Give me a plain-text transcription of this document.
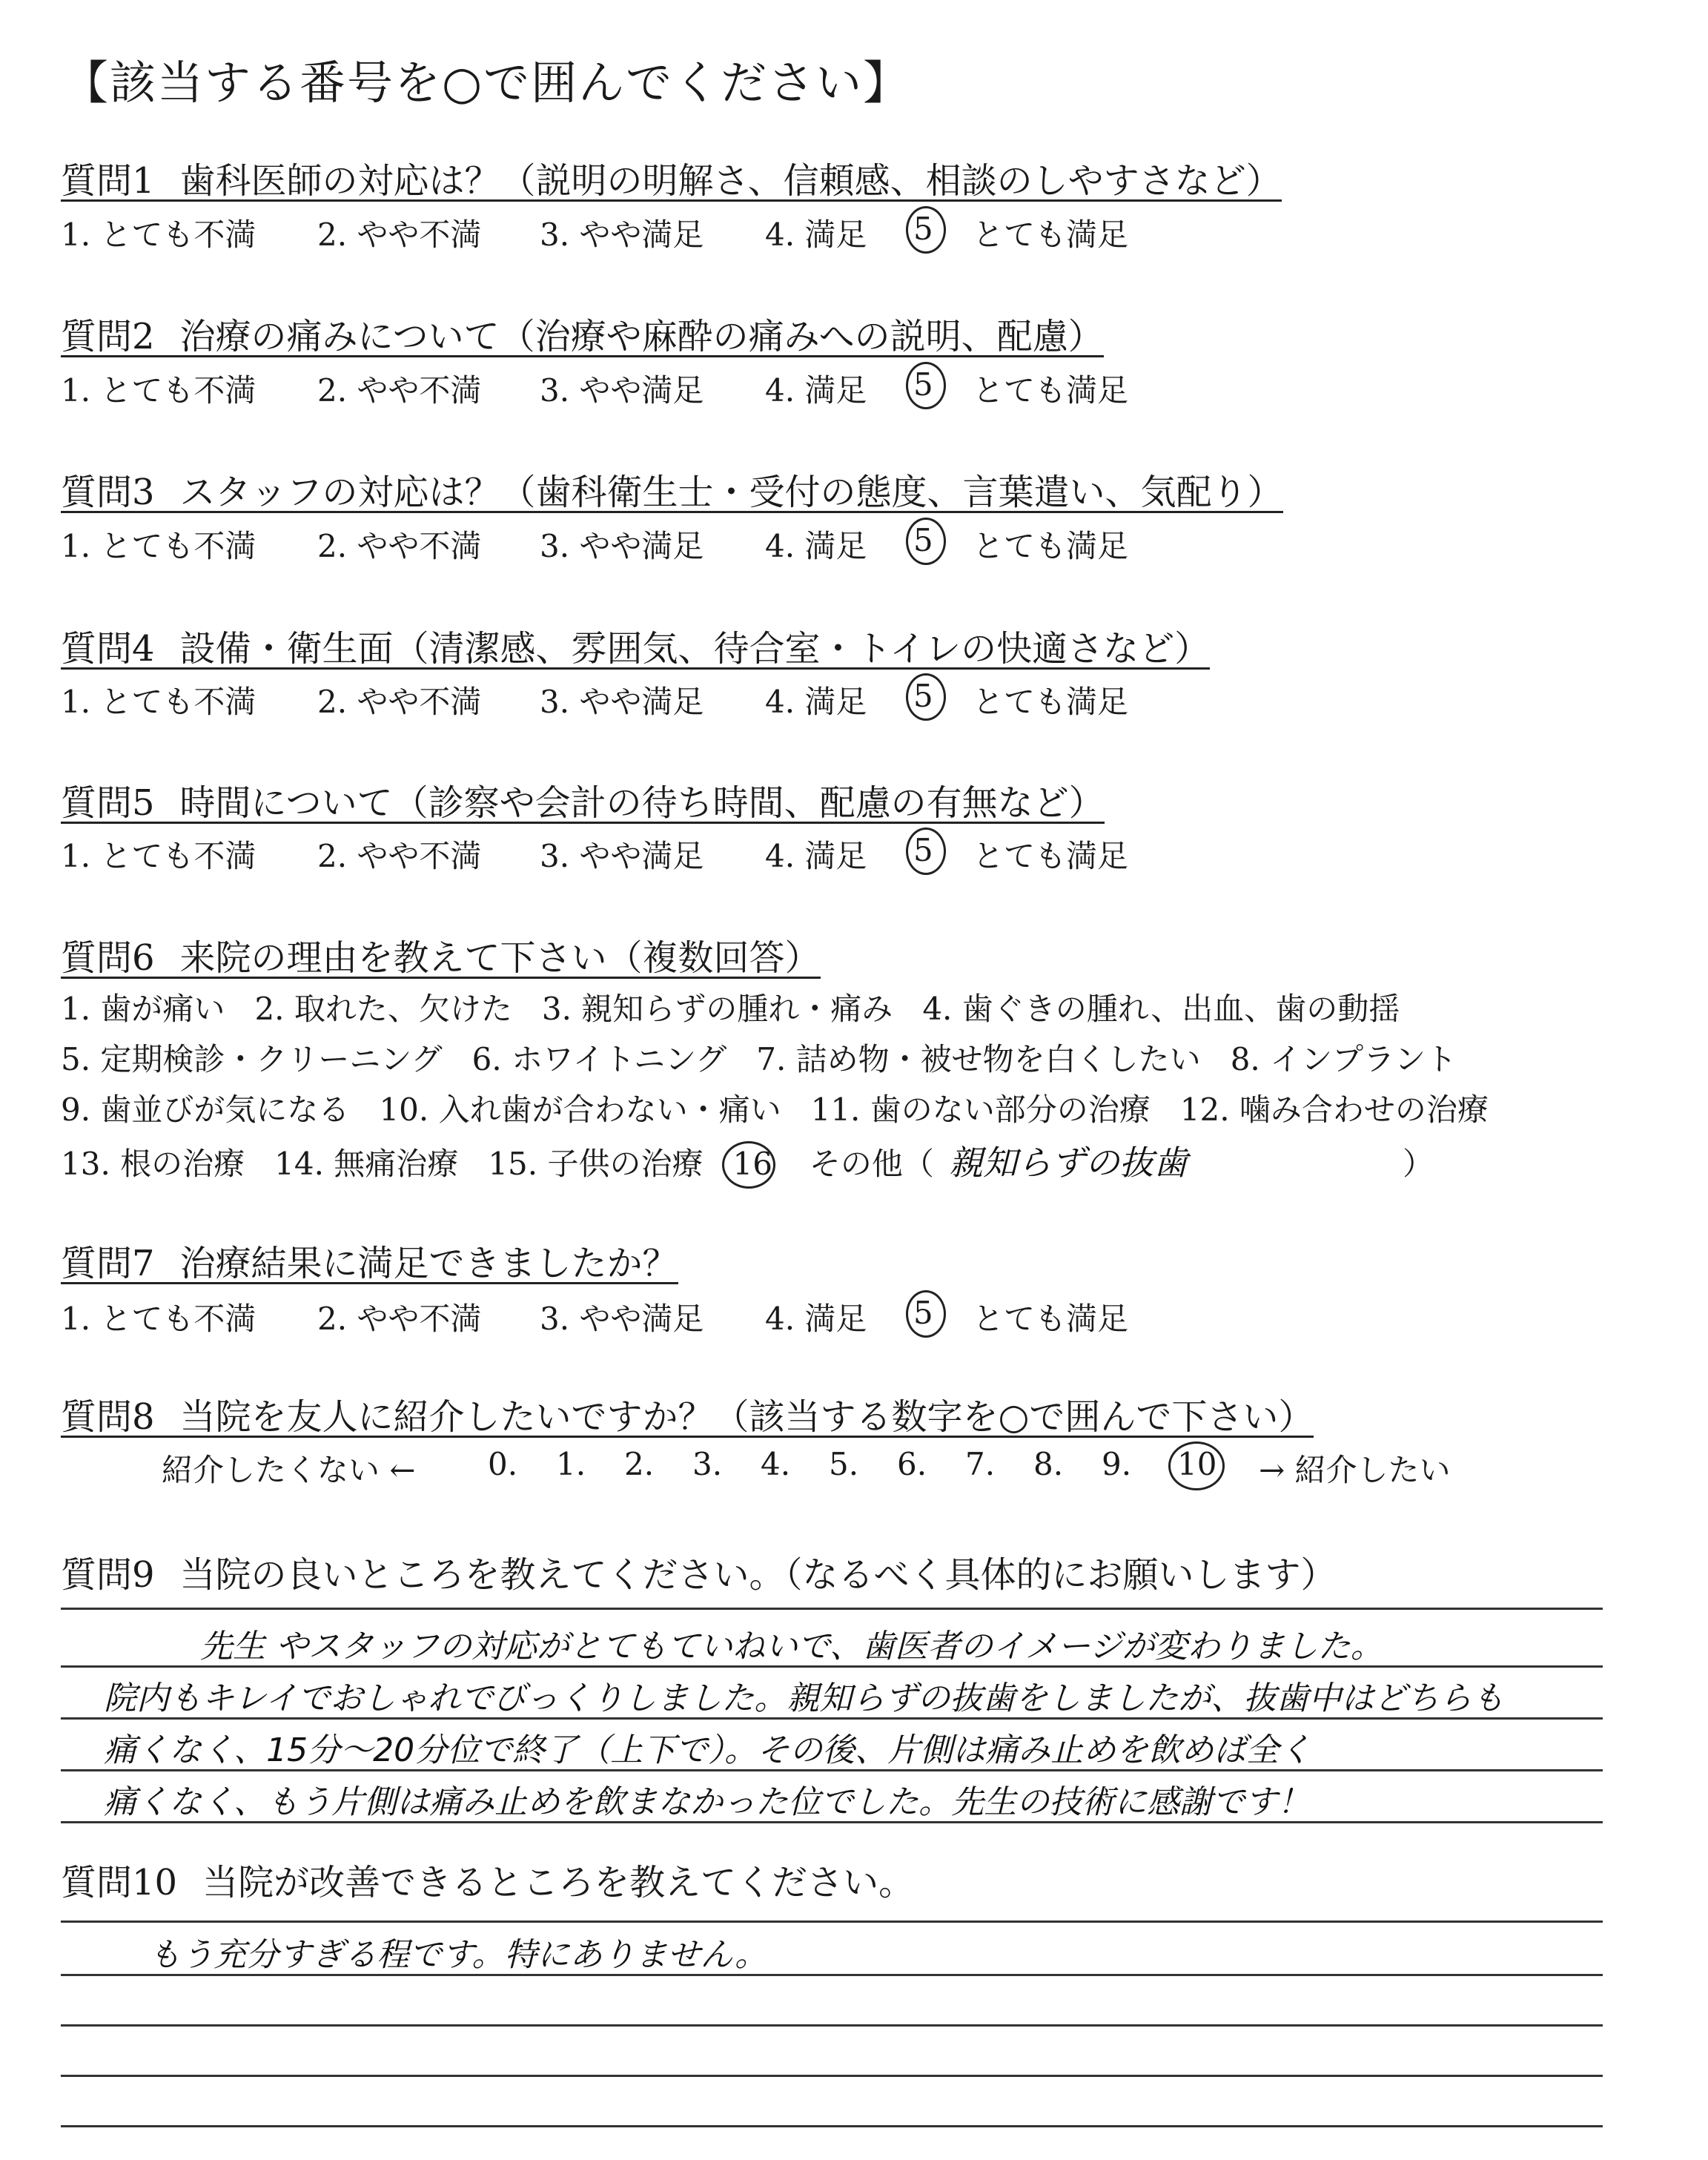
【該当する番号を○で囲んでください】
質問1 歯科医師の対応は？（説明の明解さ、信頼感、相談のしやすさなど）
1. とても不満 2. やや不満 3. やや満足 4. 満足 5 とても満足
質問2 治療の痛みについて（治療や麻酔の痛みへの説明、配慮）
1. とても不満 2. やや不満 3. やや満足 4. 満足 5 とても満足
質問3 スタッフの対応は？（歯科衛生士・受付の態度、言葉遣い、気配り）
1. とても不満 2. やや不満 3. やや満足 4. 満足 5 とても満足
質問4 設備・衛生面（清潔感、雰囲気、待合室・トイレの快適さなど）
1. とても不満 2. やや不満 3. やや満足 4. 満足 5 とても満足
質問5 時間について（診察や会計の待ち時間、配慮の有無など）
1. とても不満 2. やや不満 3. やや満足 4. 満足 5 とても満足
質問6 来院の理由を教えて下さい（複数回答）
1. 歯が痛い 2. 取れた、欠けた 3. 親知らずの腫れ・痛み 4. 歯ぐきの腫れ、出血、歯の動揺
5. 定期検診・クリーニング 6. ホワイトニング 7. 詰め物・被せ物を白くしたい 8. インプラント
9. 歯並びが気になる 10. 入れ歯が合わない・痛い 11. 歯のない部分の治療 12. 噛み合わせの治療
13. 根の治療 14. 無痛治療 15. 子供の治療 16 その他（ 親知らずの抜歯	）
質問7 治療結果に満足できましたか？
1. とても不満 2. やや不満 3. やや満足 4. 満足 5 とても満足
質問8 当院を友人に紹介したいですか？（該当する数字を○で囲んで下さい）
紹介したくない ← 0. 1. 2. 3. 4. 5. 6. 7. 8. 9. 10 → 紹介したい
質問9 当院の良いところを教えてください。（なるべく具体的にお願いします）
先生 やスタッフの対応がとてもていねいで、歯医者のイメージが変わりました。
院内もキレイでおしゃれでびっくりしました。親知らずの抜歯をしましたが、抜歯中はどちらも
痛くなく、15分～20分位で終了（上下で）。その後、片側は痛み止めを飲めば全く
痛くなく、もう片側は痛み止めを飲まなかった位でした。先生の技術に感謝です！
質問10 当院が改善できるところを教えてください。
もう充分すぎる程です。特にありません。
